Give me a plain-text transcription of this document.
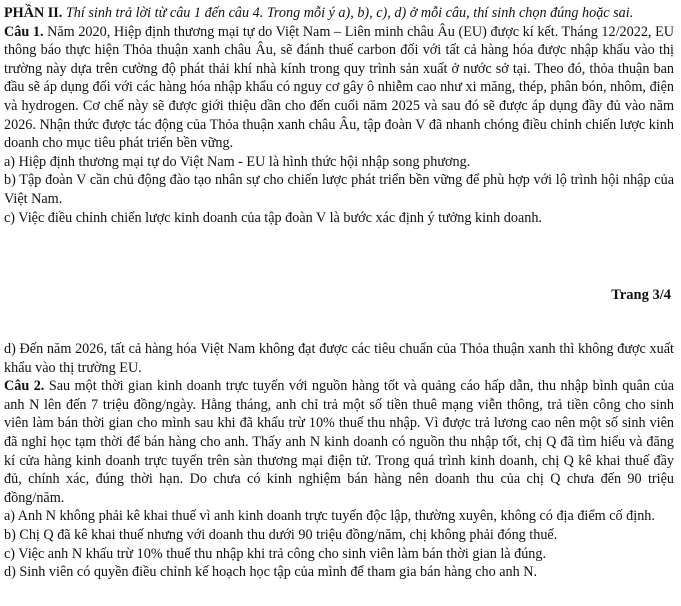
PHẦN II. Thí sinh trả lời từ câu 1 đến câu 4. Trong mỗi ý a), b), c), d) ở mỗi câu, thí sinh chọn đúng hoặc sai.

Câu 1. Năm 2020, Hiệp định thương mại tự do Việt Nam – Liên minh châu Âu (EU) được kí kết. Tháng 12/2022, EU thông báo thực hiện Thỏa thuận xanh châu Âu, sẽ đánh thuế carbon đối với tất cả hàng hóa được nhập khẩu vào thị trường này dựa trên cường độ phát thải khí nhà kính trong quy trình sản xuất ở nước sở tại. Theo đó, thỏa thuận ban đầu sẽ áp dụng đối với các hàng hóa nhập khẩu có nguy cơ gây ô nhiễm cao như xi măng, thép, phân bón, nhôm, điện và hydrogen. Cơ chế này sẽ được giới thiệu dần cho đến cuối năm 2025 và sau đó sẽ được áp dụng đầy đủ vào năm 2026. Nhận thức được tác động của Thỏa thuận xanh châu Âu, tập đoàn V đã nhanh chóng điều chỉnh chiến lược kinh doanh cho mục tiêu phát triển bền vững.

a) Hiệp định thương mại tự do Việt Nam - EU là hình thức hội nhập song phương.

b) Tập đoàn V cần chủ động đào tạo nhân sự cho chiến lược phát triển bền vững để phù hợp với lộ trình hội nhập của Việt Nam.

c) Việc điều chỉnh chiến lược kinh doanh của tập đoàn V là bước xác định ý tưởng kinh doanh.

Trang 3/4

d) Đến năm 2026, tất cả hàng hóa Việt Nam không đạt được các tiêu chuẩn của Thỏa thuận xanh thì không được xuất khẩu vào thị trường EU.

Câu 2. Sau một thời gian kinh doanh trực tuyến với nguồn hàng tốt và quảng cáo hấp dẫn, thu nhập bình quân của anh N lên đến 7 triệu đồng/ngày. Hằng tháng, anh chỉ trả một số tiền thuê mạng viễn thông, trả tiền công cho sinh viên làm bán thời gian cho mình sau khi đã khấu trừ 10% thuế thu nhập. Vì được trả lương cao nên một số sinh viên đã nghỉ học tạm thời để bán hàng cho anh. Thấy anh N kinh doanh có nguồn thu nhập tốt, chị Q đã tìm hiểu và đăng kí cửa hàng kinh doanh trực tuyến trên sàn thương mại điện tử. Trong quá trình kinh doanh, chị Q kê khai thuế đầy đủ, chính xác, đúng thời hạn. Do chưa có kinh nghiệm bán hàng nên doanh thu của chị Q chưa đến 90 triệu đồng/năm.

a) Anh N không phải kê khai thuế vì anh kinh doanh trực tuyến độc lập, thường xuyên, không có địa điểm cố định.

b) Chị Q đã kê khai thuế nhưng với doanh thu dưới 90 triệu đồng/năm, chị không phải đóng thuế.

c) Việc anh N khấu trừ 10% thuế thu nhập khi trả công cho sinh viên làm bán thời gian là đúng.

d) Sinh viên có quyền điều chỉnh kế hoạch học tập của mình để tham gia bán hàng cho anh N.
